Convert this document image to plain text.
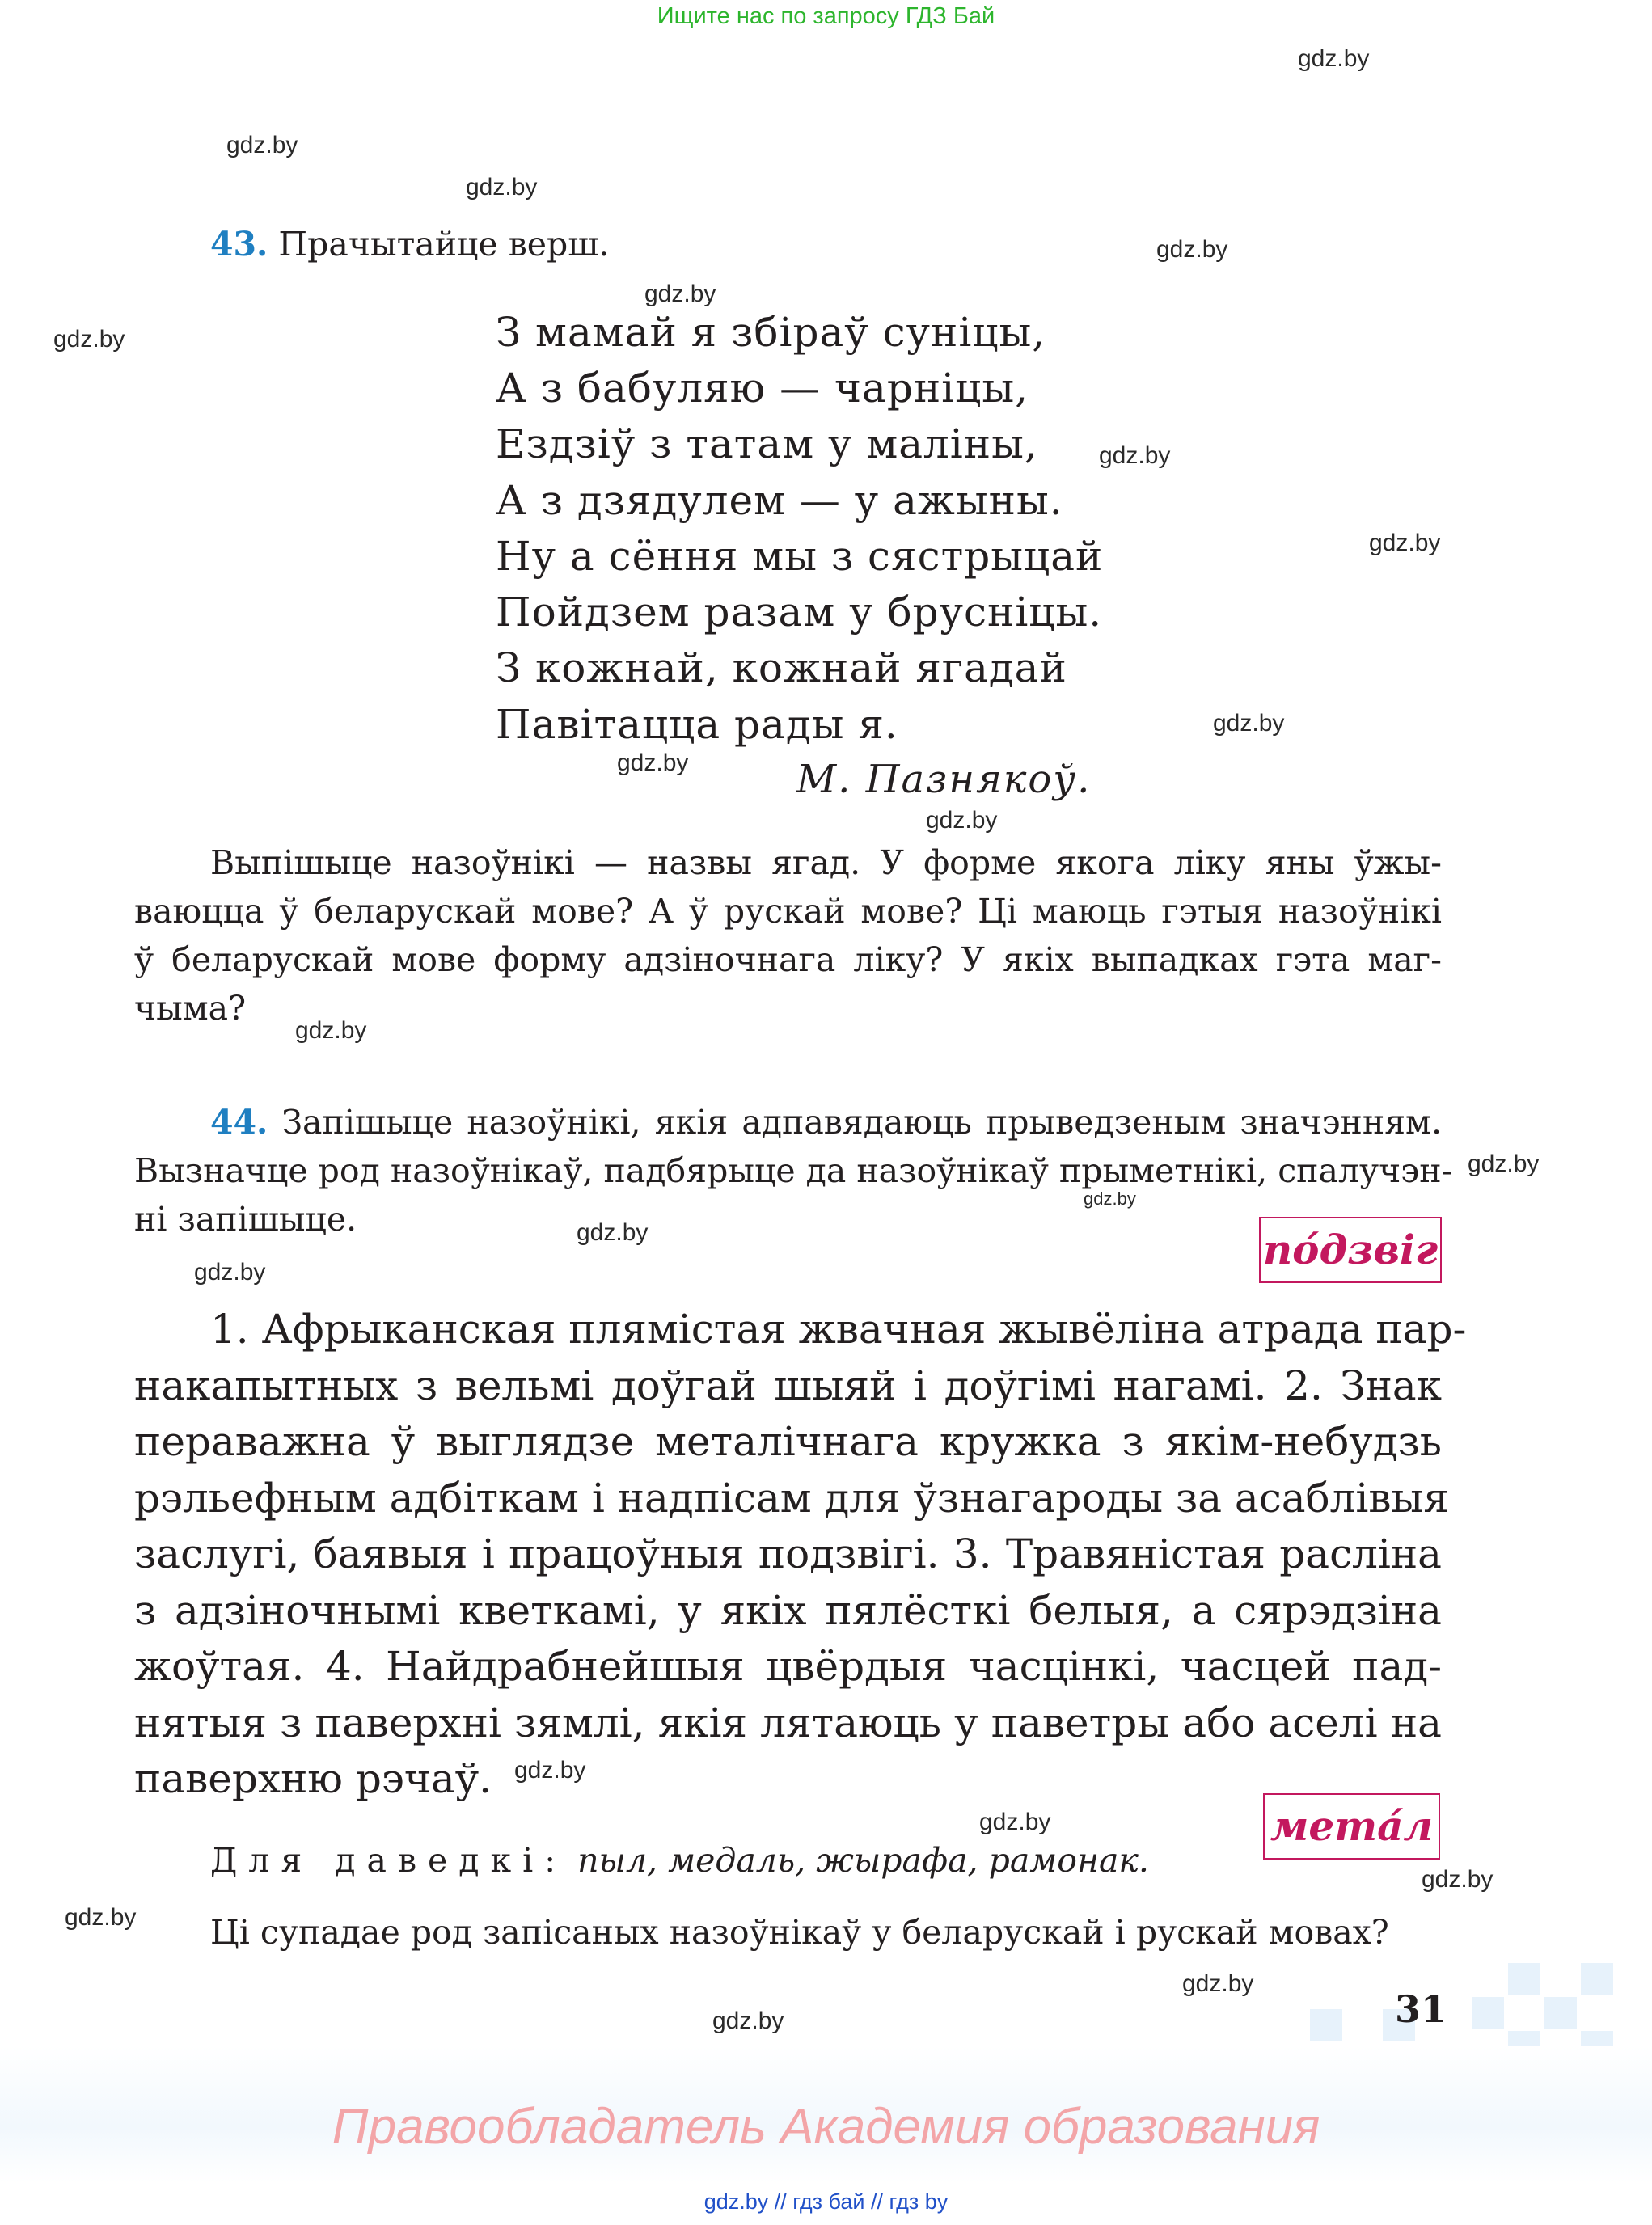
Ищите нас по запросу ГДЗ Бай
gdz.by
gdz.by
gdz.by
gdz.by
gdz.by
gdz.by
gdz.by
gdz.by
gdz.by
gdz.by
gdz.by
gdz.by
gdz.by
gdz.by
gdz.by
gdz.by
gdz.by
gdz.by
gdz.by
gdz.by
gdz.by
gdz.by
43. Прачытайце верш.
З мамай я збіраў суніцы,
А з бабуляю — чарніцы,
Ездзіў з татам у маліны,
А з дзядулем — у ажыны.
Ну а сёння мы з сястрыцай
Пойдзем разам у брусніцы.
З кожнай, кожнай ягадай
Павітацца рады я.
М. Пазнякоў.
Выпішыце назоўнікі — назвы ягад. У форме якога ліку яны ўжы-
ваюцца ў беларускай мове? А ў рускай мове? Ці маюць гэтыя назоўнікі
ў беларускай мове форму адзіночнага ліку? У якіх выпадках гэта маг-
чыма?
44. Запішыце назоўнікі, якія адпавядаюць прыведзеным значэнням.
Вызначце род назоўнікаў, падбярыце да назоўнікаў прыметнікі, спалучэн-
ні запішыце.
по́дзвіг
мета́л
1. Афрыканская плямістая жвачная жывёліна атрада пар-
накапытных з вельмі доўгай шыяй і доўгімі нагамі. 2. Знак
пераважна ў выглядзе металічнага кружка з якім-небудзь
рэльефным адбіткам і надпісам для ўзнагароды за асаблівыя
заслугі, баявыя і працоўныя подзвігі. 3. Травяністая расліна
з адзіночнымі кветкамі, у якіх пялёсткі белыя, а сярэдзіна
жоўтая. 4. Найдрабнейшыя цвёрдыя часцінкі, часцей пад-
нятыя з паверхні зямлі, якія лятаюць у паветры або аселі на
паверхню рэчаў.
Для даведкі: пыл, медаль, жырафа, рамонак.
Ці супадае род запісаных назоўнікаў у беларускай і рускай мовах?
31
Правообладатель Академия образования
gdz.by // гдз бай // гдз by
